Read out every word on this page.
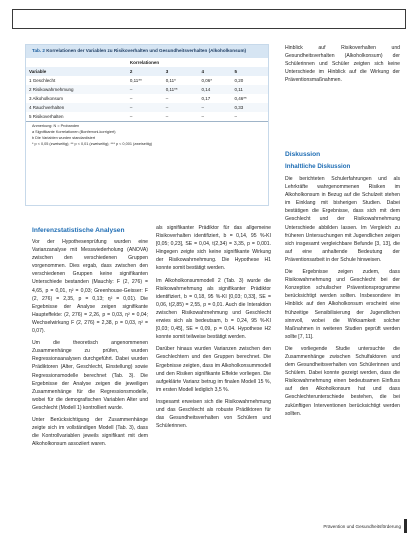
Tab. 2 Korrelationen der Variablen zu Risikoverhalten und Gesundheitsverhalten (Alkoholkonsum)
	Korrelationen			
Variable	2	3	4	5
1 Geschlecht	0,11**	0,11*	0,06*	0,20
2 Risikowahrnehmung	–	0,11**	0,14	0,11
3 Alkoholkonsum	–	–	0,17	0,46**
4 Rauchverhalten	–	–	–	0,33
5 Risikoverhalten	–	–	–	–
Anmerkung: N = Probanden
a Signifikante Korrelationen (Bonferroni-korrigiert)
b Die Variablen wurden standardisiert
* p < 0,05 (zweiseitig); ** p < 0,01 (zweiseitig); *** p < 0,001 (zweiseitig)
Inferenzstatistische Analysen

Vor der Hypothesenprüfung wurden eine Varianzanalyse mit Messwiederholung (ANOVA) zwischen den verschiedenen Gruppen vorgenommen. Dies ergab, dass zwischen den verschiedenen Gruppen keine signifikanten Unterschiede bestanden (Mauchly: F (2, 276) = 4,65, p = 0,01, η² = 0,03; Greenhouse-Geisser: F (2, 276) = 2,35, p = 0,13; η² = 0,01). Die Ergebnisse der Analyse zeigen signifikante Haupteffekte: (2, 276) = 2,26, p = 0,03, η² = 0,04; Wechselwirkung F (2, 276) = 2,38, p = 0,03, η² = 0,07).

Um die theoretisch angenommenen Zusammenhänge zu prüfen, wurden Regressionsanalysen durchgeführt. Dabei wurden Prädiktoren (Alter, Geschlecht, Einstellung) sowie Regressionsmodelle berechnet (Tab. 3). Die Ergebnisse der Analyse zeigen die jeweiligen Zusammenhänge für die Regressionsmodelle, wobei für die demografischen Variablen Alter und Geschlecht (Modell 1) kontrolliert wurde.

Unter Berücksichtigung der Zusammenhänge zeigte sich im vollständigen Modell (Tab. 3), dass die Kontrollvariablen jeweils signifikant mit dem Alkoholkonsum assoziiert waren.

als signifikanter Prädiktor für das allgemeine Risikoverhalten identifiziert, b = 0,14, 95 %-KI [0,05; 0,23], SE = 0,04, t(2,34) = 3,35, p = 0,001. Hingegen zeigte sich keine signifikante Wirkung der Risikowahrnehmung. Die Hypothese H1 konnte somit bestätigt werden.

Im Alkoholkonsummodell 2 (Tab. 3) wurde die Risikowahrnehmung als signifikanter Prädiktor identifiziert, b = 0,18, 95 %-KI [0,03; 0,33], SE = 0,06, t(2,85) = 2,55, p = 0,01. Auch die Interaktion zwischen Risikowahrnehmung und Geschlecht erwies sich als bedeutsam, b = 0,24, 95 %-KI [0,03; 0,45], SE = 0,09, p = 0,04. Hypothese H2 konnte somit teilweise bestätigt werden.

Darüber hinaus wurden Varianzen zwischen den Geschlechtern und den Gruppen berechnet. Die Ergebnisse zeigten, dass im Alkoholkonsummodell und den Risiken signifikante Effekte vorliegen. Die aufgeklärte Varianz betrug im finalen Modell 15 %, im ersten Modell lediglich 3,5 %.

Insgesamt erweisen sich die Risikowahrnehmung und das Geschlecht als robuste Prädiktoren für das Gesundheitsverhalten von Schülern und Schülerinnen.

Hinblick auf Risikoverhalten und Gesundheitsverhalten (Alkoholkonsum) der Schülerinnen und Schüler zeigten sich keine Unterschiede im Hinblick auf die Wirkung der Präventionsmaßnahmen.

Diskussion
Inhaltliche Diskussion

Die berichteten Schulerfahrungen und als Lehrkräfte wahrgenommenen Risiken im Alkoholkonsum in Bezug auf die Schulzeit stehen im Einklang mit bisherigen Studien. Dabei bestätigen die Ergebnisse, dass sich mit dem Geschlecht und der Risikowahrnehmung Unterschiede abbilden lassen. Im Vergleich zu früheren Untersuchungen mit Jugendlichen zeigen sich insgesamt vergleichbare Befunde [3, 13], die auf eine anhaltende Bedeutung der Präventionsarbeit in der Schule hinweisen.

Die Ergebnisse zeigen zudem, dass Risikowahrnehmung und Geschlecht bei der Konzeption schulischer Präventionsprogramme berücksichtigt werden sollten. Insbesondere im Hinblick auf den Alkoholkonsum erscheint eine frühzeitige Sensibilisierung der Jugendlichen sinnvoll, wobei die Wirksamkeit solcher Maßnahmen in weiteren Studien geprüft werden sollte [7, 11].

Die vorliegende Studie untersuchte die Zusammenhänge zwischen Schulfaktoren und dem Gesundheitsverhalten von Schülerinnen und Schülern. Dabei konnte gezeigt werden, dass die Risikowahrnehmung einen bedeutsamen Einfluss auf den Alkoholkonsum hat und dass Geschlechterunterschiede bestehen, die bei zukünftigen Interventionen berücksichtigt werden sollten.

Prävention und Gesundheitsförderung
